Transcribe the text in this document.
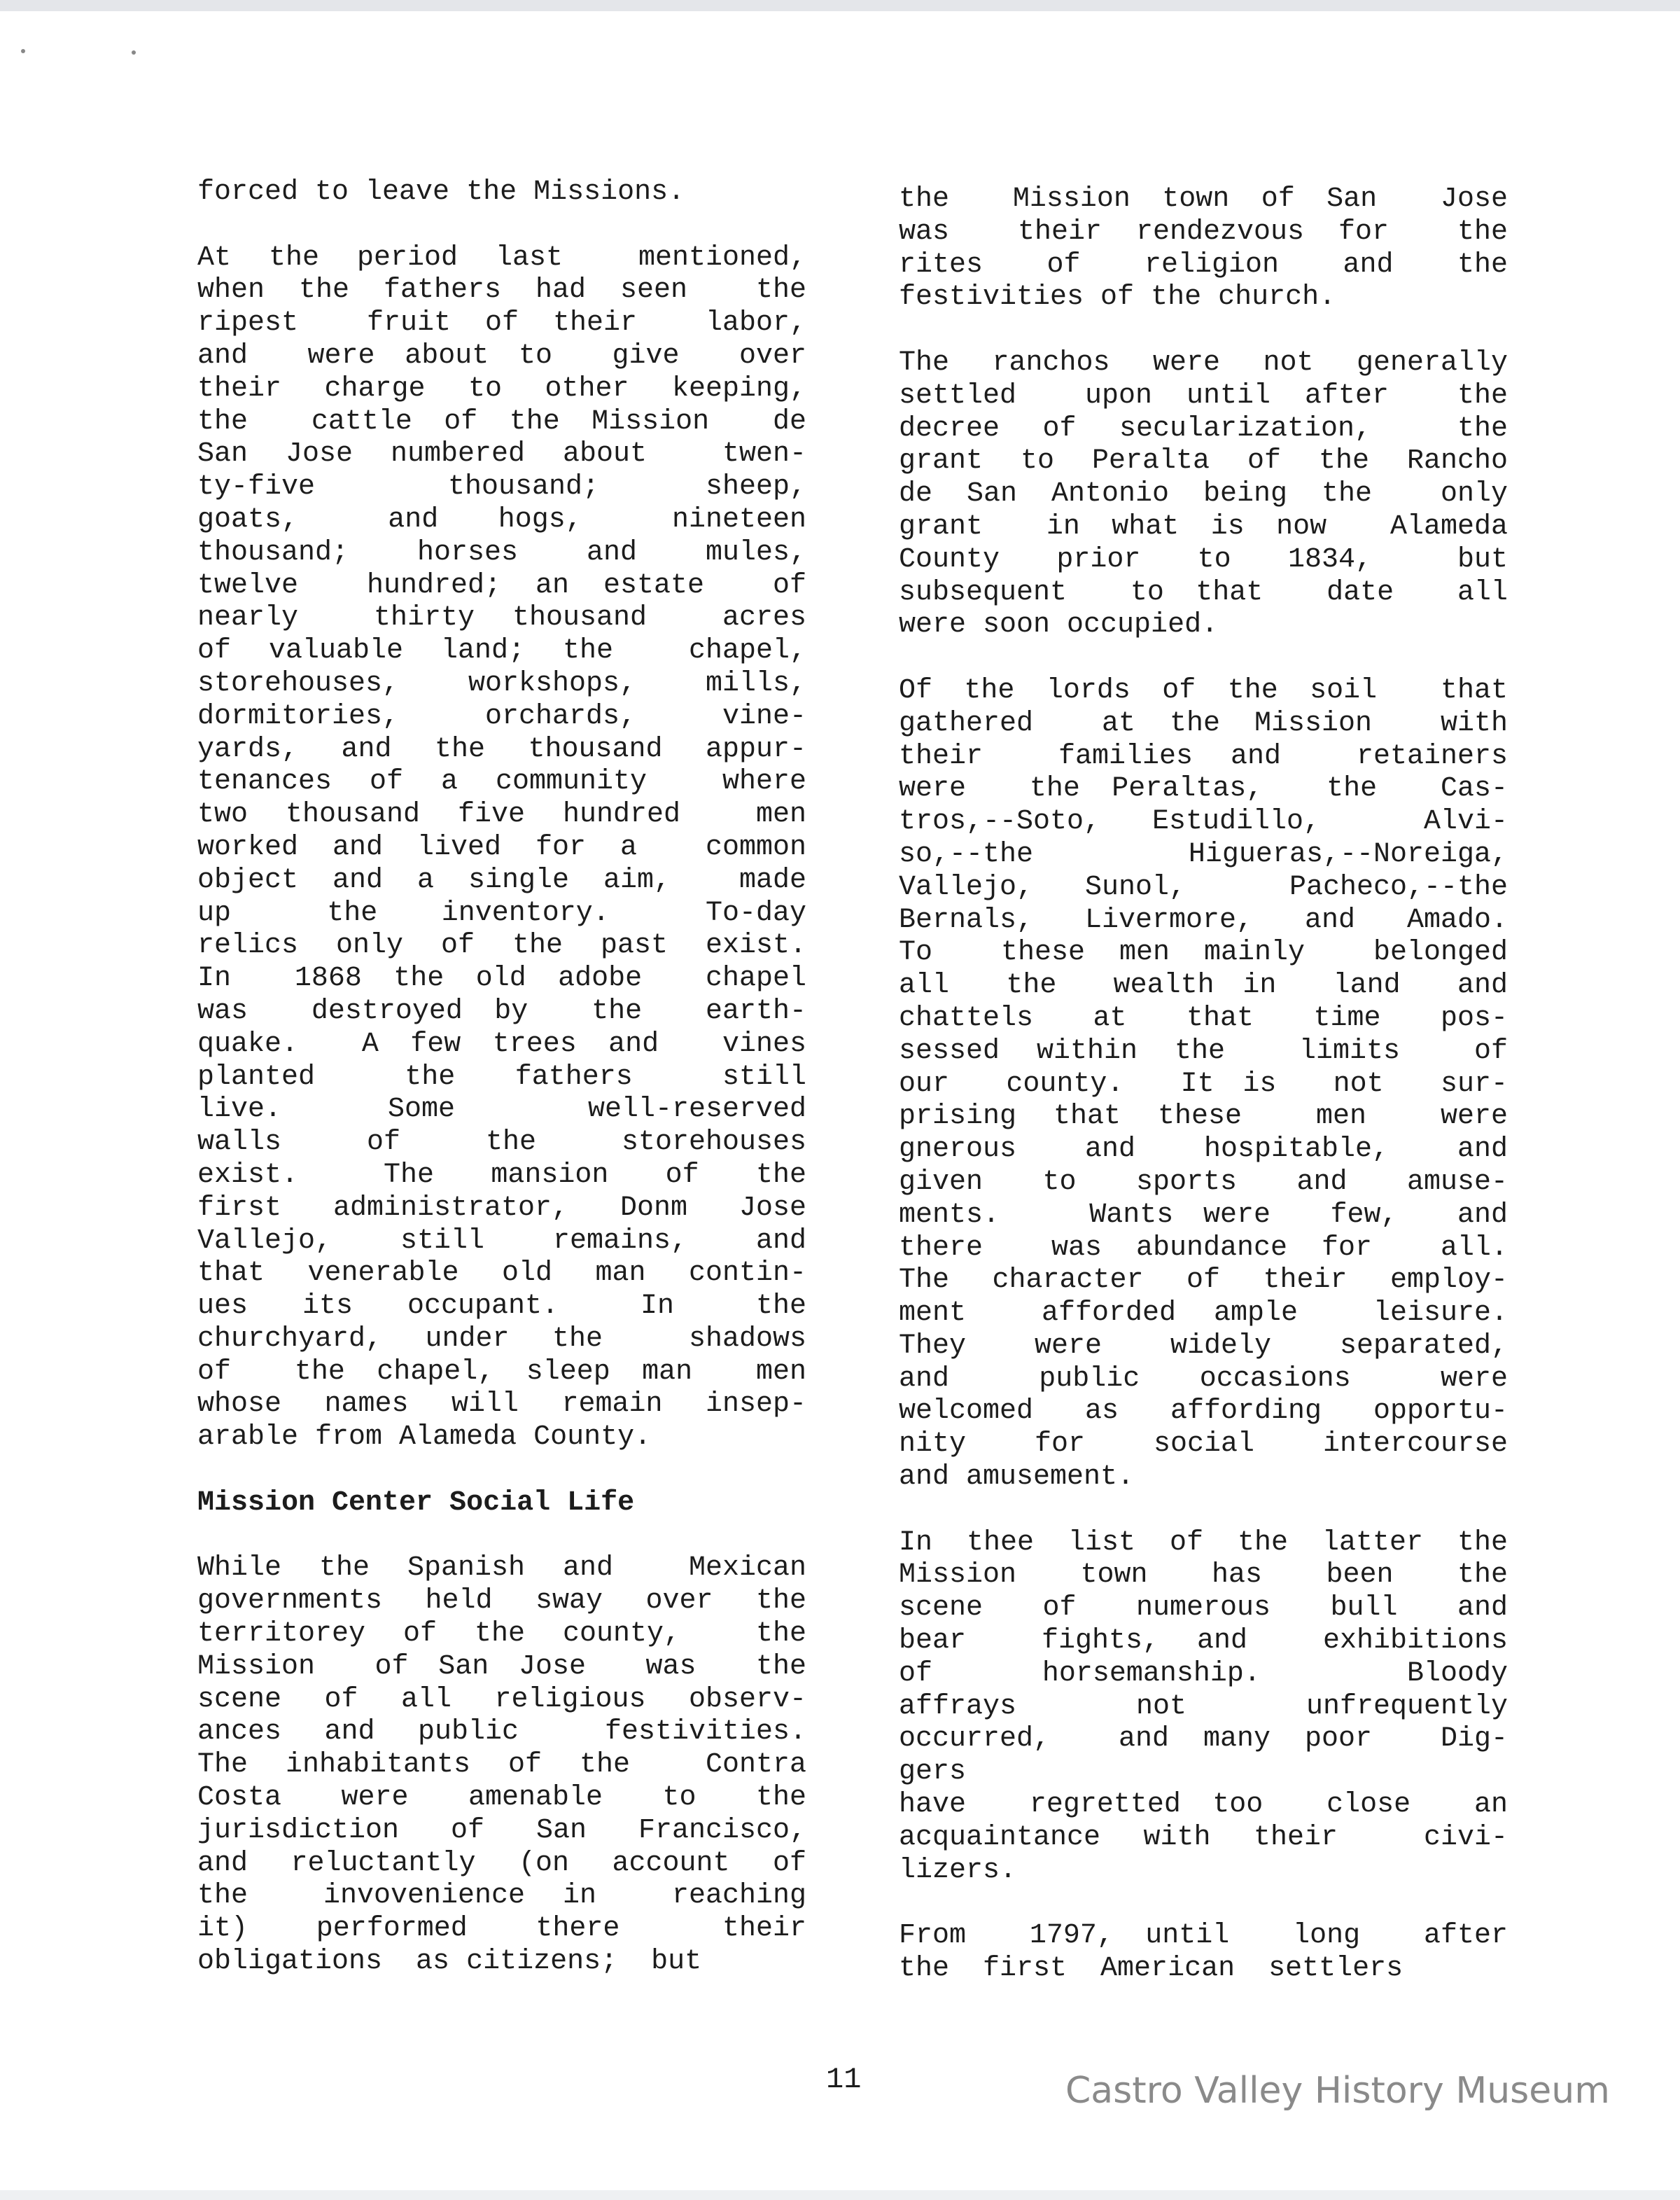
forced to leave the Missions.
At the period last  mentioned,
when the fathers had seen  the
ripest  fruit of their  labor,
and  were about to  give  over
their charge to other keeping,
the  cattle of the Mission  de
San Jose numbered about  twen-
ty-five     thousand;    sheep,
goats,   and  hogs,   nineteen
thousand;  horses  and  mules,
twelve  hundred; an estate  of
nearly  thirty thousand  acres
of valuable land; the  chapel,
storehouses, workshops, mills,
dormitories,  orchards,  vine-
yards, and the thousand appur-
tenances of a community  where
two thousand five hundred  men
worked and lived for a  common
object and a single aim,  made
up   the  inventory.   To-day
relics only of the past exist.
In  1868 the old adobe  chapel
was  destroyed by  the  earth-
quake.  A few trees and  vines
planted   the  fathers   still
live.    Some     well-reserved
walls   of   the   storehouses
exist.   The  mansion  of  the
first administrator, Donm Jose
Vallejo,  still  remains,  and
that venerable old man contin-
ues  its  occupant.   In   the
churchyard, under the  shadows
of  the chapel, sleep man  men
whose names will remain insep-
arable from Alameda County.
Mission Center Social Life
While the Spanish and  Mexican
governments held sway over the
territorey of the county,  the
Mission  of San Jose  was  the
scene of all religious observ-
ances and public  festivities.
The inhabitants of the  Contra
Costa  were  amenable  to  the
jurisdiction of San Francisco,
and reluctantly (on account of
the  invovenience in  reaching
it)  performed  there   their
obligations  as citizens;  but
the  Mission town of San  Jose
was  their rendezvous for  the
rites  of  religion  and  the
festivities of the church.
The ranchos were not generally
settled  upon until after  the
decree of secularization,  the
grant to Peralta of the Rancho
de San Antonio being the  only
grant  in what is now  Alameda
County  prior  to  1834,   but
subsequent  to that  date  all
were soon occupied.
Of the lords of the soil  that
gathered  at the Mission  with
their  families and  retainers
were  the Peraltas,  the  Cas-
tros,--Soto, Estudillo,  Alvi-
so,--the   Higueras,--Noreiga,
Vallejo, Sunol,  Pacheco,--the
Bernals, Livermore, and Amado.
To  these men mainly  belonged
all  the  wealth in  land  and
chattels  at  that  time  pos-
sessed within the  limits  of
our  county.  It is  not  sur-
prising that these  men  were
gnerous  and  hospitable,  and
given  to  sports  and  amuse-
ments.   Wants were  few,  and
there  was abundance for  all.
The character of their employ-
ment  afforded ample  leisure.
They  were  widely  separated,
and   public  occasions   were
welcomed as affording opportu-
nity  for  social  intercourse
and amusement.
In thee list of the latter the
Mission  town  has  been  the
scene  of  numerous  bull  and
bear  fights, and  exhibitions
of   horsemanship.    Bloody
affrays   not   unfrequently
occurred,  and many poor  Dig-
gers
have  regretted too  close  an
acquaintance with their  civi-
lizers.
From  1797, until  long  after
the  first  American  settlers
11	Castro Valley History Museum
